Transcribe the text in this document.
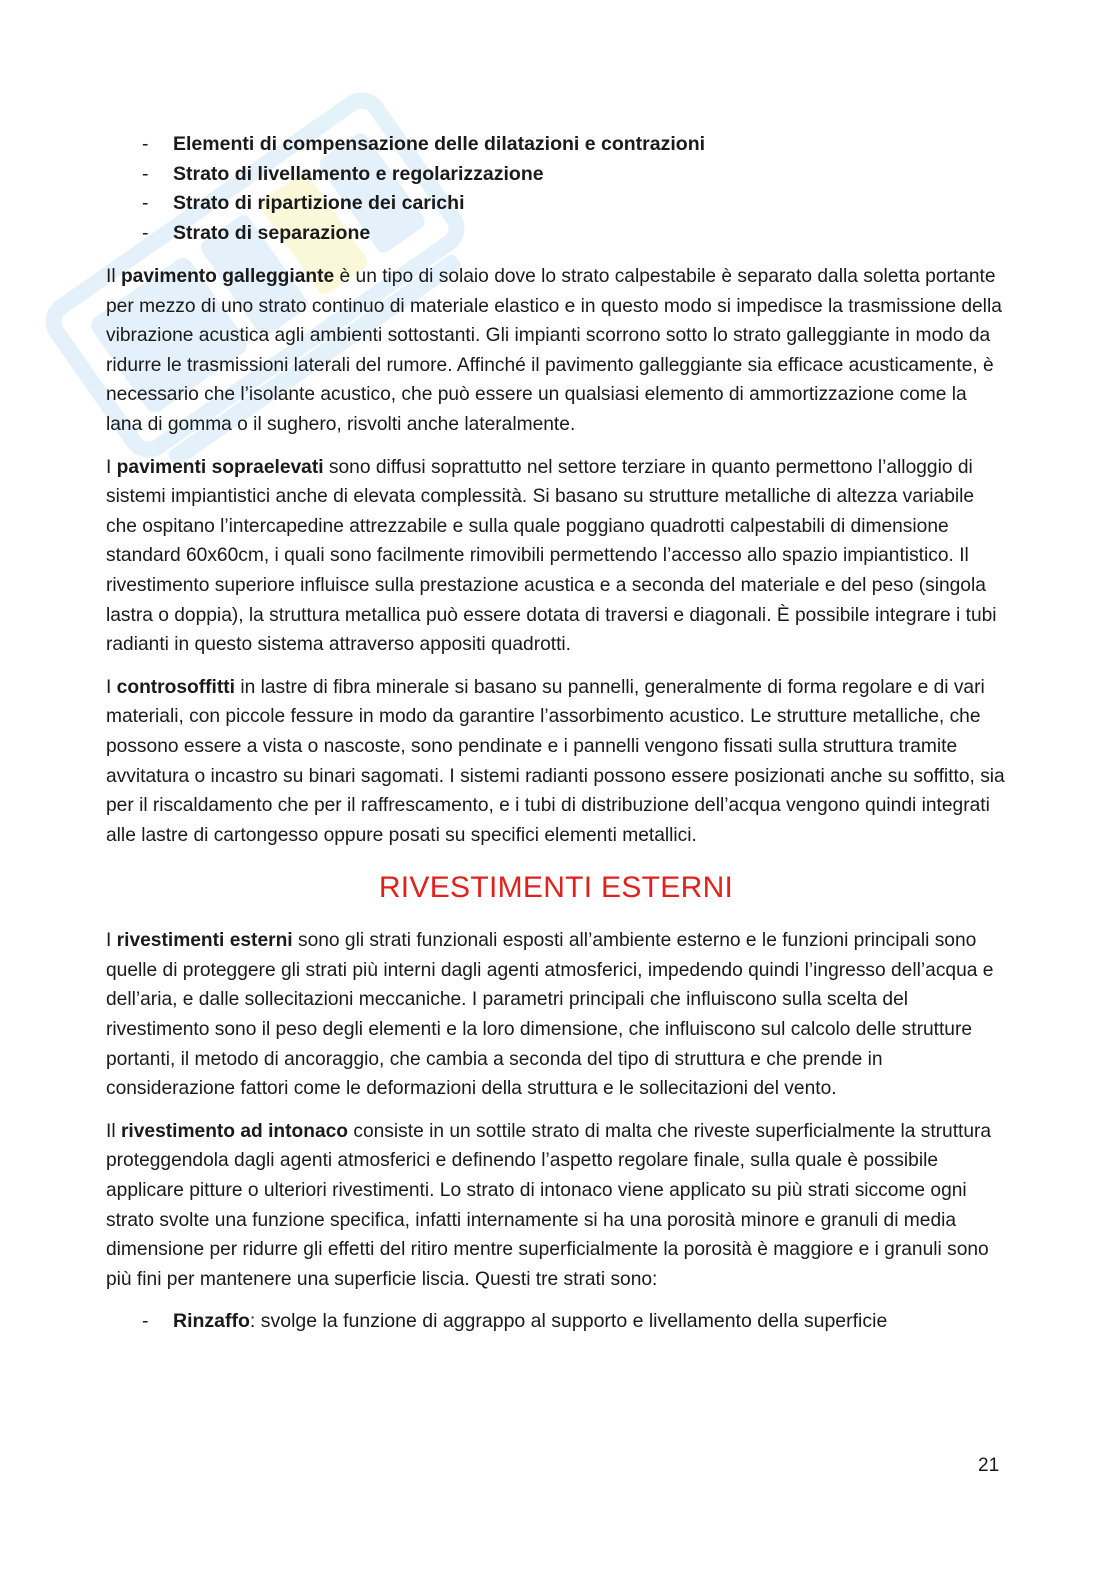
- Elementi di compensazione delle dilatazioni e contrazioni
- Strato di livellamento e regolarizzazione
- Strato di ripartizione dei carichi
- Strato di separazione

Il pavimento galleggiante è un tipo di solaio dove lo strato calpestabile è separato dalla soletta portante per mezzo di uno strato continuo di materiale elastico e in questo modo si impedisce la trasmissione della vibrazione acustica agli ambienti sottostanti. Gli impianti scorrono sotto lo strato galleggiante in modo da ridurre le trasmissioni laterali del rumore. Affinché il pavimento galleggiante sia efficace acusticamente, è necessario che l’isolante acustico, che può essere un qualsiasi elemento di ammortizzazione come la lana di gomma o il sughero, risvolti anche lateralmente.

I pavimenti sopraelevati sono diffusi soprattutto nel settore terziare in quanto permettono l’alloggio di sistemi impiantistici anche di elevata complessità. Si basano su strutture metalliche di altezza variabile che ospitano l’intercapedine attrezzabile e sulla quale poggiano quadrotti calpestabili di dimensione standard 60x60cm, i quali sono facilmente rimovibili permettendo l’accesso allo spazio impiantistico. Il rivestimento superiore influisce sulla prestazione acustica e a seconda del materiale e del peso (singola lastra o doppia), la struttura metallica può essere dotata di traversi e diagonali. È possibile integrare i tubi radianti in questo sistema attraverso appositi quadrotti.

I controsoffitti in lastre di fibra minerale si basano su pannelli, generalmente di forma regolare e di vari materiali, con piccole fessure in modo da garantire l’assorbimento acustico. Le strutture metalliche, che possono essere a vista o nascoste, sono pendinate e i pannelli vengono fissati sulla struttura tramite avvitatura o incastro su binari sagomati. I sistemi radianti possono essere posizionati anche su soffitto, sia per il riscaldamento che per il raffrescamento, e i tubi di distribuzione dell’acqua vengono quindi integrati alle lastre di cartongesso oppure posati su specifici elementi metallici.

RIVESTIMENTI ESTERNI

I rivestimenti esterni sono gli strati funzionali esposti all’ambiente esterno e le funzioni principali sono quelle di proteggere gli strati più interni dagli agenti atmosferici, impedendo quindi l’ingresso dell’acqua e dell’aria, e dalle sollecitazioni meccaniche. I parametri principali che influiscono sulla scelta del rivestimento sono il peso degli elementi e la loro dimensione, che influiscono sul calcolo delle strutture portanti, il metodo di ancoraggio, che cambia a seconda del tipo di struttura e che prende in considerazione fattori come le deformazioni della struttura e le sollecitazioni del vento.

Il rivestimento ad intonaco consiste in un sottile strato di malta che riveste superficialmente la struttura proteggendola dagli agenti atmosferici e definendo l’aspetto regolare finale, sulla quale è possibile applicare pitture o ulteriori rivestimenti. Lo strato di intonaco viene applicato su più strati siccome ogni strato svolte una funzione specifica, infatti internamente si ha una porosità minore e granuli di media dimensione per ridurre gli effetti del ritiro mentre superficialmente la porosità è maggiore e i granuli sono più fini per mantenere una superficie liscia. Questi tre strati sono:

- Rinzaffo: svolge la funzione di aggrappo al supporto e livellamento della superficie
21
